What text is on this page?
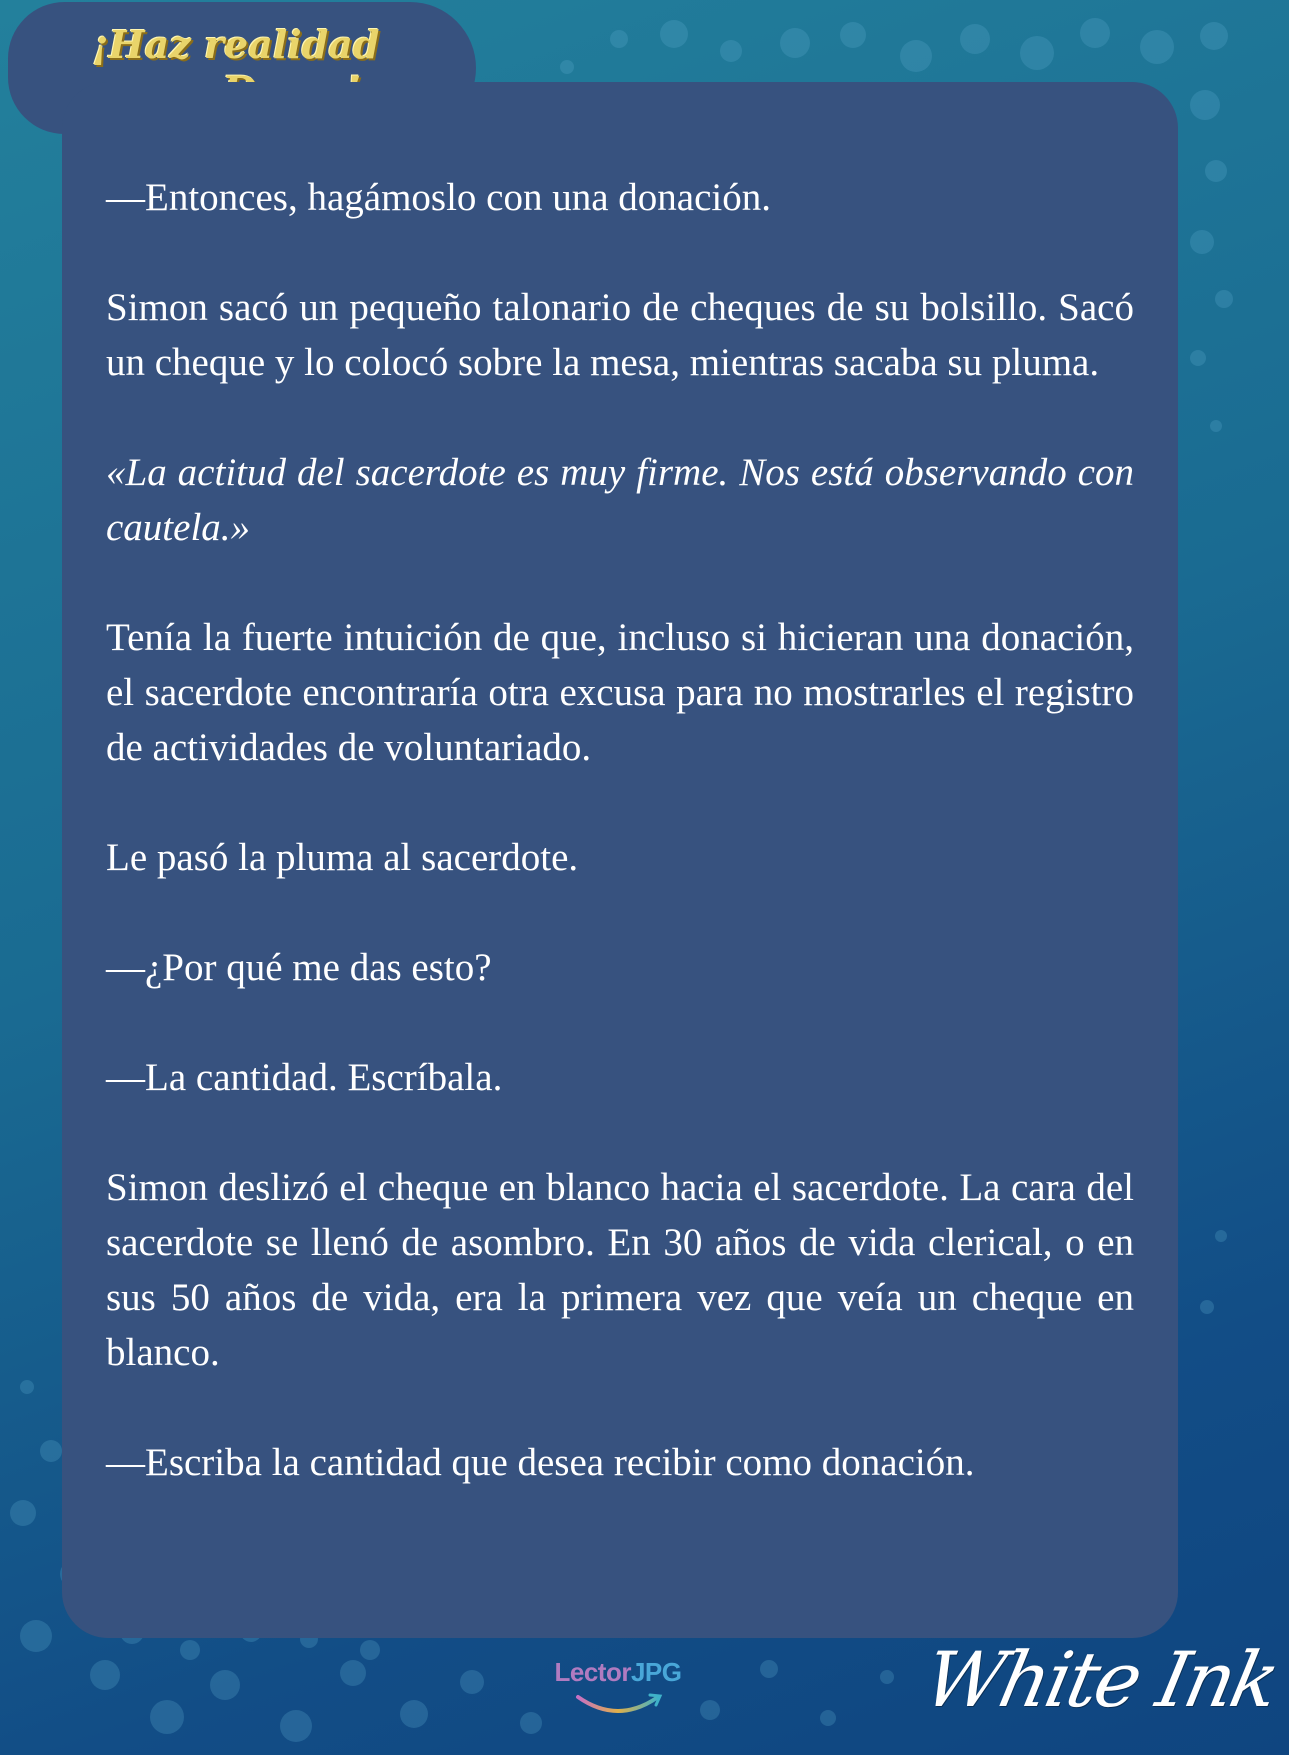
¡Haz realidad

—Entonces, hagámoslo con una donación.

Simon sacó un pequeño talonario de cheques de su bolsillo. Sacó un cheque y lo colocó sobre la mesa, mientras sacaba su pluma.

«La actitud del sacerdote es muy firme. Nos está observando con cautela.»

Tenía la fuerte intuición de que, incluso si hicieran una donación, el sacerdote encontraría otra excusa para no mostrarles el registro de actividades de voluntariado.

Le pasó la pluma al sacerdote.

—¿Por qué me das esto?

—La cantidad. Escríbala.

Simon deslizó el cheque en blanco hacia el sacerdote. La cara del sacerdote se llenó de asombro. En 30 años de vida clerical, o en sus 50 años de vida, era la primera vez que veía un cheque en blanco.

—Escriba la cantidad que desea recibir como donación.

LectorJPG	White Ink
